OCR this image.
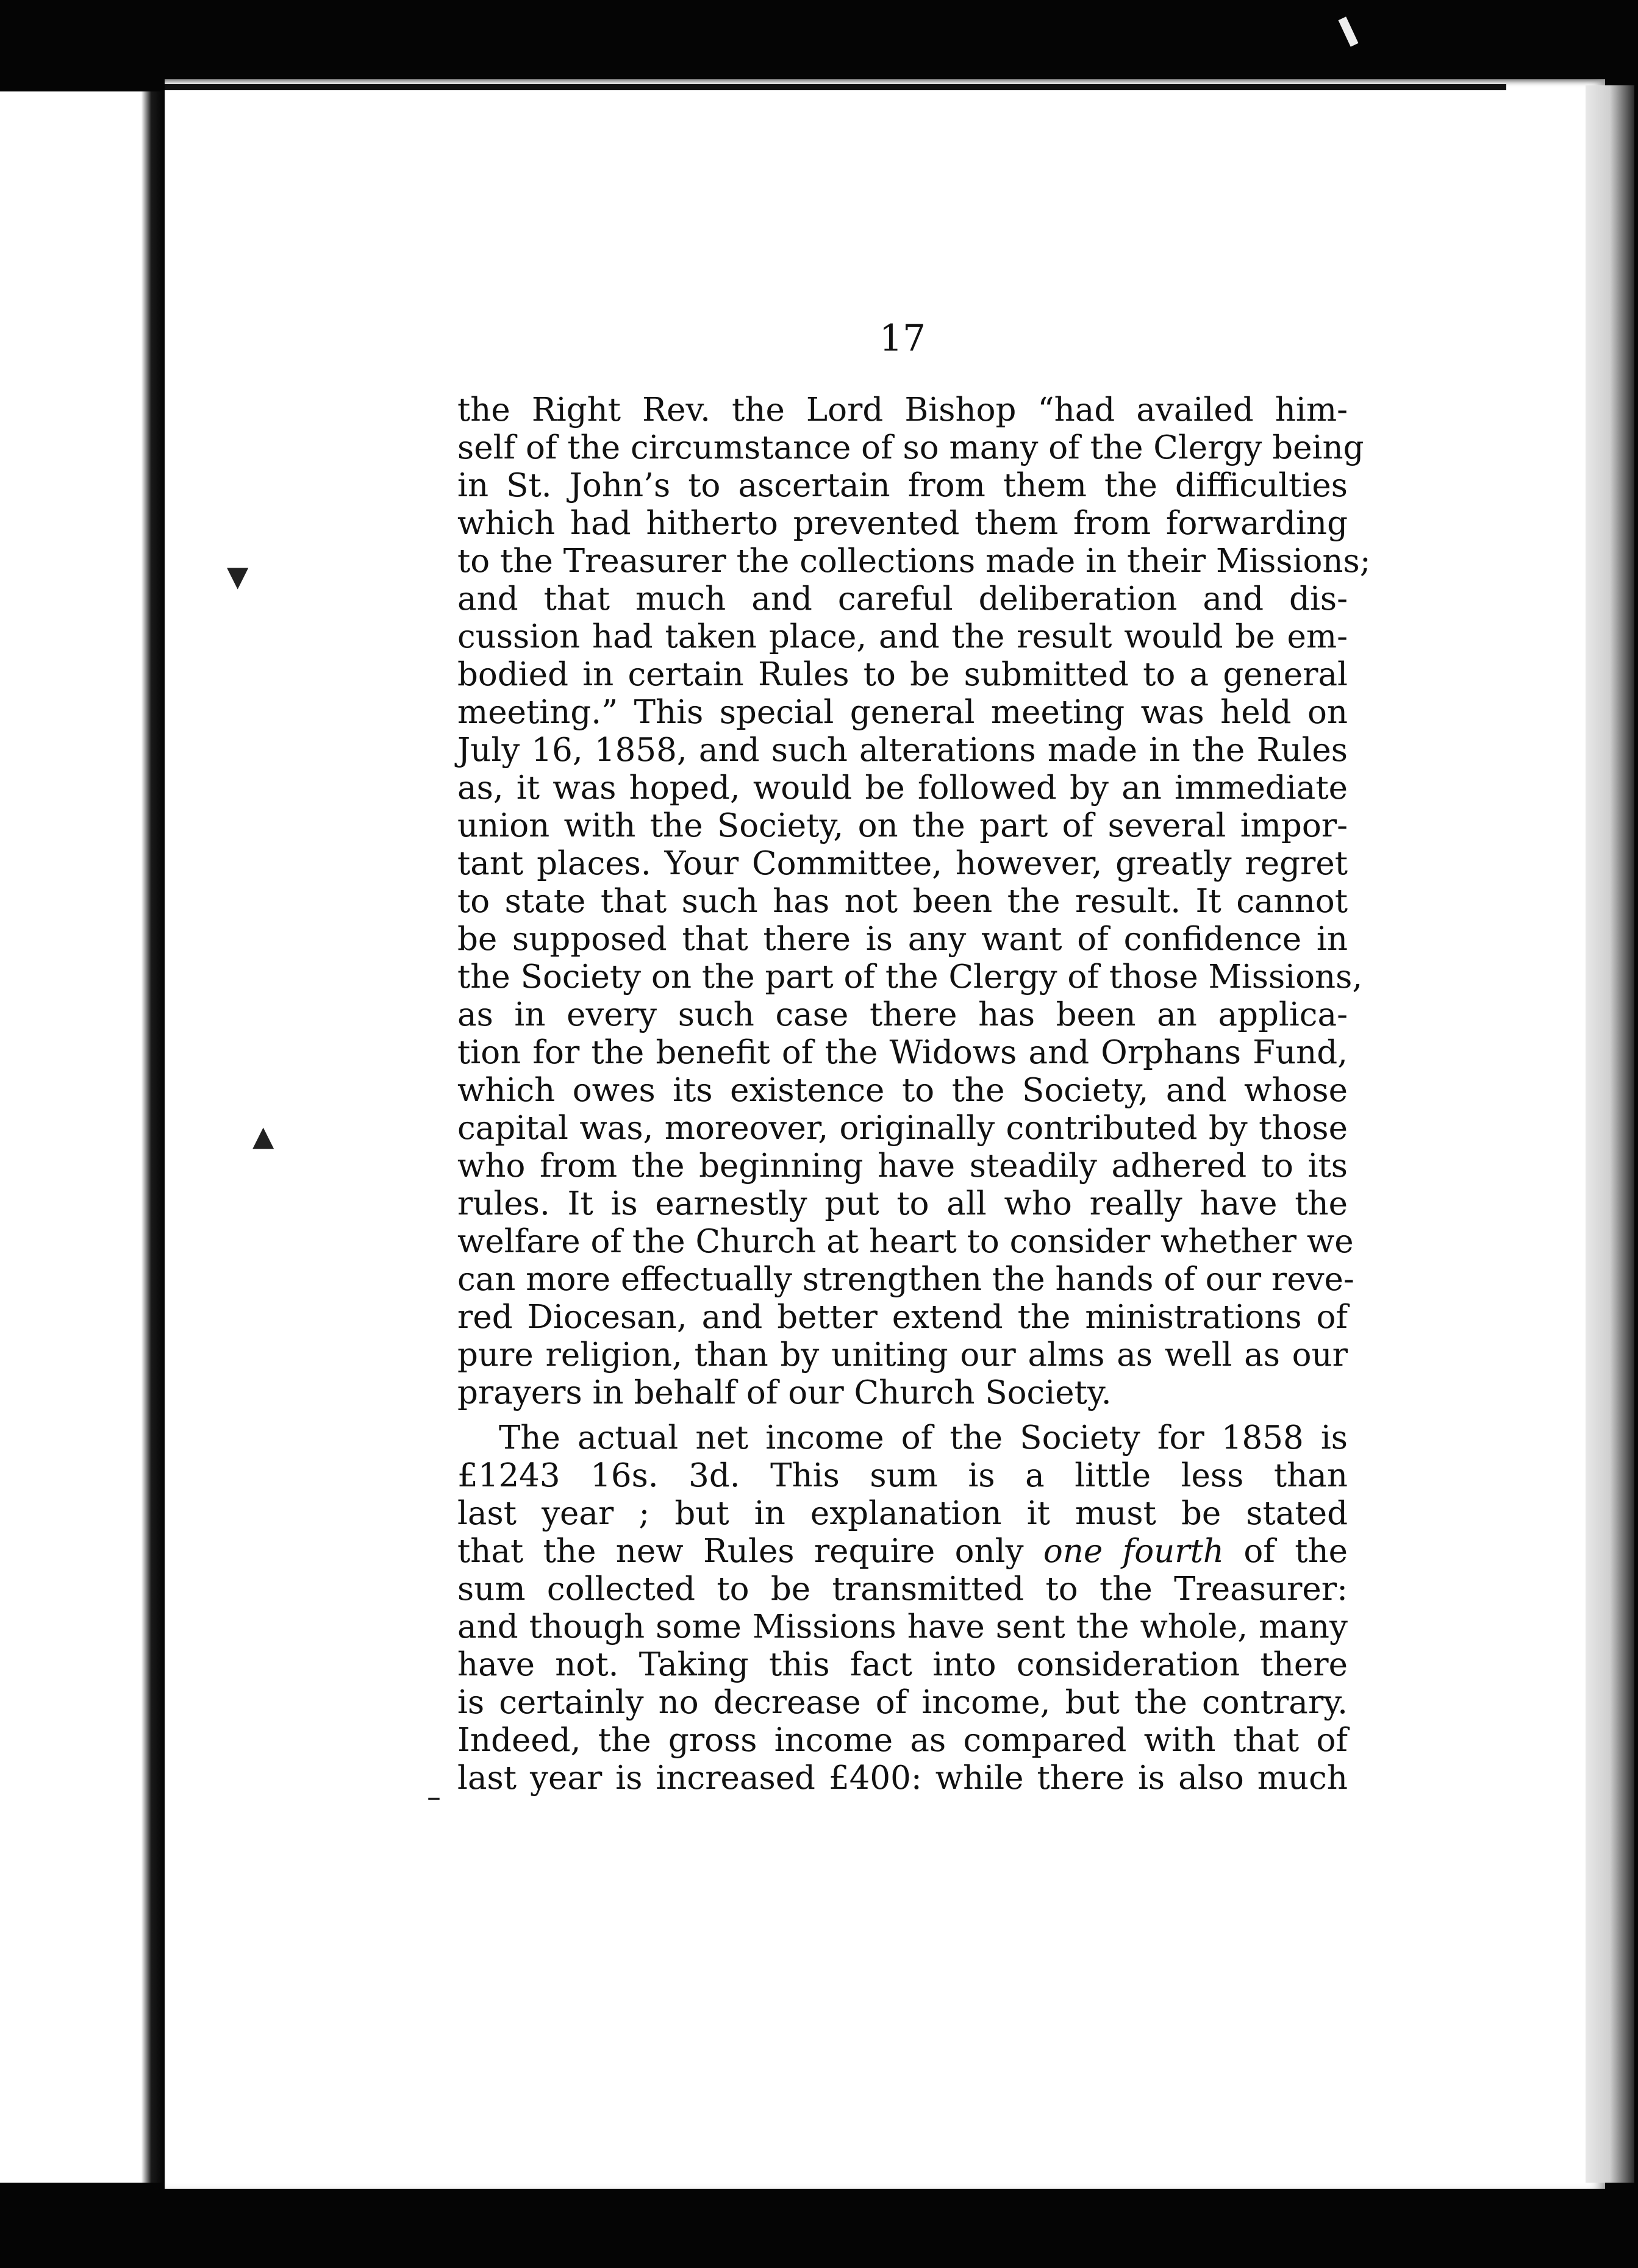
▼
▲
–
17
the Right Rev. the Lord Bishop “had availed him-
self of the circumstance of so many of the Clergy being
in St. John’s to ascertain from them the difficulties
which had hitherto prevented them from forwarding
to the Treasurer the collections made in their Missions;
and that much and careful deliberation and dis-
cussion had taken place, and the result would be em-
bodied in certain Rules to be submitted to a general
meeting.” This special general meeting was held on
July 16, 1858, and such alterations made in the Rules
as, it was hoped, would be followed by an immediate
union with the Society, on the part of several impor-
tant places. Your Committee, however, greatly regret
to state that such has not been the result. It cannot
be supposed that there is any want of confidence in
the Society on the part of the Clergy of those Missions,
as in every such case there has been an applica-
tion for the benefit of the Widows and Orphans Fund,
which owes its existence to the Society, and whose
capital was, moreover, originally contributed by those
who from the beginning have steadily adhered to its
rules. It is earnestly put to all who really have the
welfare of the Church at heart to consider whether we
can more effectually strengthen the hands of our reve-
red Diocesan, and better extend the ministrations of
pure religion, than by uniting our alms as well as our
prayers in behalf of our Church Society.
The actual net income of the Society for 1858 is
£1243 16s. 3d. This sum is a little less than
last year ; but in explanation it must be stated
that the new Rules require only one fourth of the
sum collected to be transmitted to the Treasurer:
and though some Missions have sent the whole, many
have not. Taking this fact into consideration there
is certainly no decrease of income, but the contrary.
Indeed, the gross income as compared with that of
last year is increased £400: while there is also much
